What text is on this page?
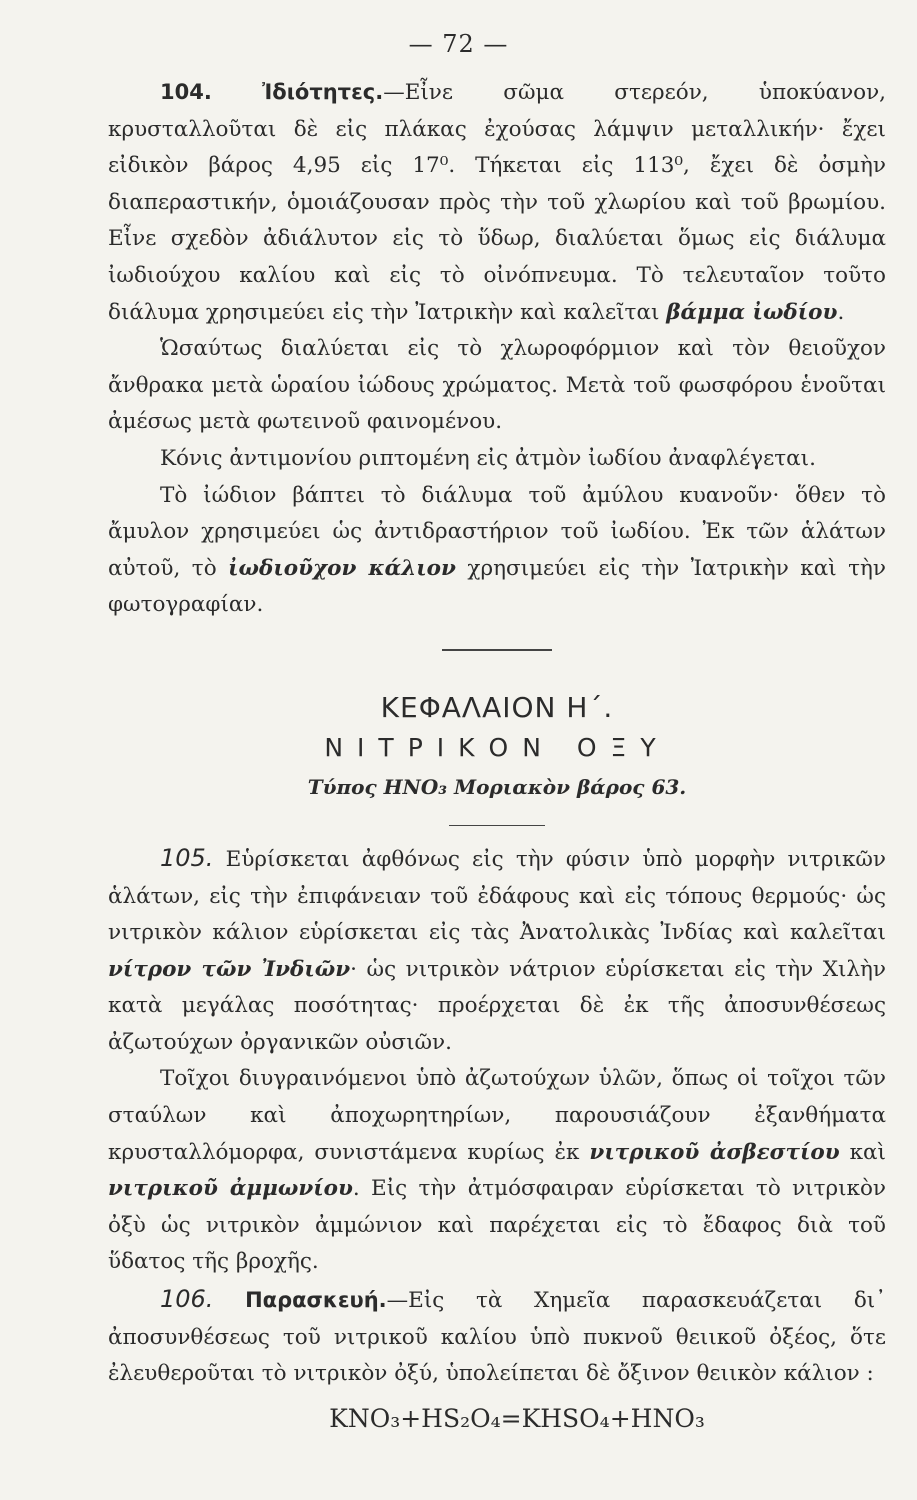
— 72 —

104. Ἰδιότητες.—Εἶνε σῶμα στερεόν, ὑποκύανον, κρυσταλλοῦται δὲ εἰς πλάκας ἐχούσας λάμψιν μεταλλικήν· ἔχει εἰδικὸν βάρος 4,95 εἰς 17⁰. Τήκεται εἰς 113⁰, ἔχει δὲ ὀσμὴν διαπεραστικήν, ὁμοιάζουσαν πρὸς τὴν τοῦ χλωρίου καὶ τοῦ βρωμίου. Εἶνε σχεδὸν ἀδιάλυτον εἰς τὸ ὕδωρ, διαλύεται ὅμως εἰς διάλυμα ἰωδιούχου καλίου καὶ εἰς τὸ οἰνόπνευμα. Τὸ τελευταῖον τοῦτο διάλυμα χρησιμεύει εἰς τὴν Ἰατρικὴν καὶ καλεῖται βάμμα ἰωδίου.

Ὡσαύτως διαλύεται εἰς τὸ χλωροφόρμιον καὶ τὸν θειοῦχον ἄνθρακα μετὰ ὡραίου ἰώδους χρώματος. Μετὰ τοῦ φωσφόρου ἑνοῦται ἀμέσως μετὰ φωτεινοῦ φαινομένου.

Κόνις ἀντιμονίου ριπτομένη εἰς ἀτμὸν ἰωδίου ἀναφλέγεται.

Τὸ ἰώδιον βάπτει τὸ διάλυμα τοῦ ἀμύλου κυανοῦν· ὅθεν τὸ ἄμυλον χρησιμεύει ὡς ἀντιδραστήριον τοῦ ἰωδίου. Ἐκ τῶν ἁλάτων αὐτοῦ, τὸ ἰωδιοῦχον κάλιον χρησιμεύει εἰς τὴν Ἰατρικὴν καὶ τὴν φωτογραφίαν.

ΚΕΦΑΛΑΙΟΝ Η΄.
ΝΙΤΡΙΚΟΝ ΟΞΥ
Τύπος ΗΝΟ₃ Μοριακὸν βάρος 63.

105. Εὑρίσκεται ἀφθόνως εἰς τὴν φύσιν ὑπὸ μορφὴν νιτρικῶν ἁλάτων, εἰς τὴν ἐπιφάνειαν τοῦ ἐδάφους καὶ εἰς τόπους θερμούς· ὡς νιτρικὸν κάλιον εὑρίσκεται εἰς τὰς Ἀνατολικὰς Ἰνδίας καὶ καλεῖται νίτρον τῶν Ἰνδιῶν· ὡς νιτρικὸν νάτριον εὑρίσκεται εἰς τὴν Χιλὴν κατὰ μεγάλας ποσότητας· προέρχεται δὲ ἐκ τῆς ἀποσυνθέσεως ἀζωτούχων ὀργανικῶν οὐσιῶν.

Τοῖχοι διυγραινόμενοι ὑπὸ ἀζωτούχων ὑλῶν, ὅπως οἱ τοῖχοι τῶν σταύλων καὶ ἀποχωρητηρίων, παρουσιάζουν ἐξανθήματα κρυσταλλόμορφα, συνιστάμενα κυρίως ἐκ νιτρικοῦ ἀσβεστίου καὶ νιτρικοῦ ἀμμωνίου. Εἰς τὴν ἀτμόσφαιραν εὑρίσκεται τὸ νιτρικὸν ὀξὺ ὡς νιτρικὸν ἀμμώνιον καὶ παρέχεται εἰς τὸ ἔδαφος διὰ τοῦ ὕδατος τῆς βροχῆς.

106. Παρασκευή.—Εἰς τὰ Χημεῖα παρασκευάζεται δι᾽ ἀποσυνθέσεως τοῦ νιτρικοῦ καλίου ὑπὸ πυκνοῦ θειικοῦ ὀξέος, ὅτε ἐλευθεροῦται τὸ νιτρικὸν ὀξύ, ὑπολείπεται δὲ ὄξινον θειικὸν κάλιον :

KNO₃+HS₂O₄=KHSO₄+HNO₃
